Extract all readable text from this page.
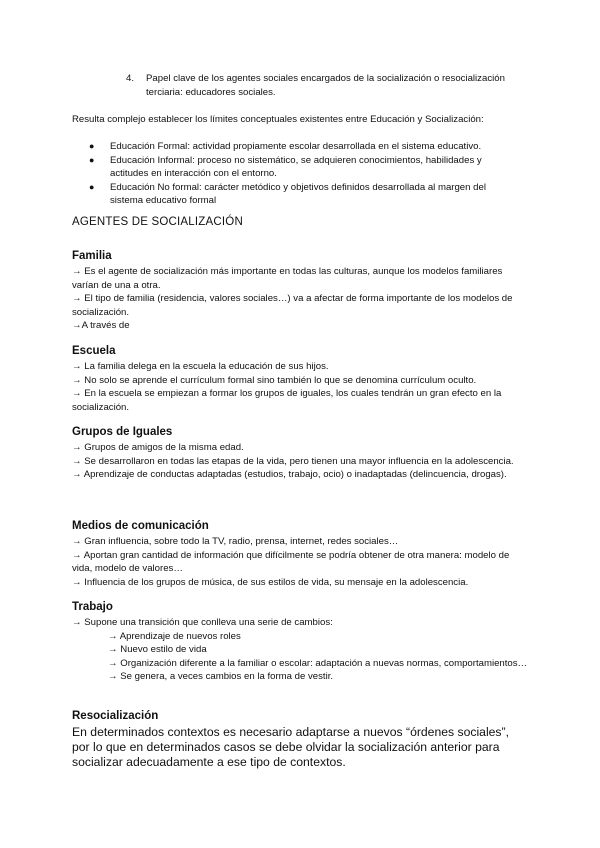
4. Papel clave de los agentes sociales encargados de la socialización o resocialización terciaria: educadores sociales.
Resulta complejo establecer los límites conceptuales existentes entre Educación y Socialización:
● Educación Formal: actividad propiamente escolar desarrollada en el sistema educativo.
● Educación Informal: proceso no sistemático, se adquieren conocimientos, habilidades y actitudes en interacción con el entorno.
● Educación No formal: carácter metódico y objetivos definidos desarrollada al margen del sistema educativo formal
AGENTES DE SOCIALIZACIÓN
Familia
→ Es el agente de socialización más importante en todas las culturas, aunque los modelos familiares varían de una a otra.
→ El tipo de familia (residencia, valores sociales…) va a afectar de forma importante de los modelos de socialización.
→A través de
Escuela
→ La familia delega en la escuela la educación de sus hijos.
→ No solo se aprende el currículum formal sino también lo que se denomina currículum oculto.
→ En la escuela se empiezan a formar los grupos de iguales, los cuales tendrán un gran efecto en la socialización.
Grupos de Iguales
→ Grupos de amigos de la misma edad.
→ Se desarrollaron en todas las etapas de la vida, pero tienen una mayor influencia en la adolescencia.
→ Aprendizaje de conductas adaptadas (estudios, trabajo, ocio) o inadaptadas (delincuencia, drogas).
Medios de comunicación
→ Gran influencia, sobre todo la TV, radio, prensa, internet, redes sociales…
→ Aportan gran cantidad de información que difícilmente se podría obtener de otra manera: modelo de vida, modelo de valores…
→ Influencia de los grupos de música, de sus estilos de vida, su mensaje en la adolescencia.
Trabajo
→ Supone una transición que conlleva una serie de cambios:
→ Aprendizaje de nuevos roles
→ Nuevo estilo de vida
→ Organización diferente a la familiar o escolar: adaptación a nuevas normas, comportamientos…
→ Se genera, a veces cambios en la forma de vestir.
Resocialización
En determinados contextos es necesario adaptarse a nuevos “órdenes sociales”, por lo que en determinados casos se debe olvidar la socialización anterior para socializar adecuadamente a ese tipo de contextos.
